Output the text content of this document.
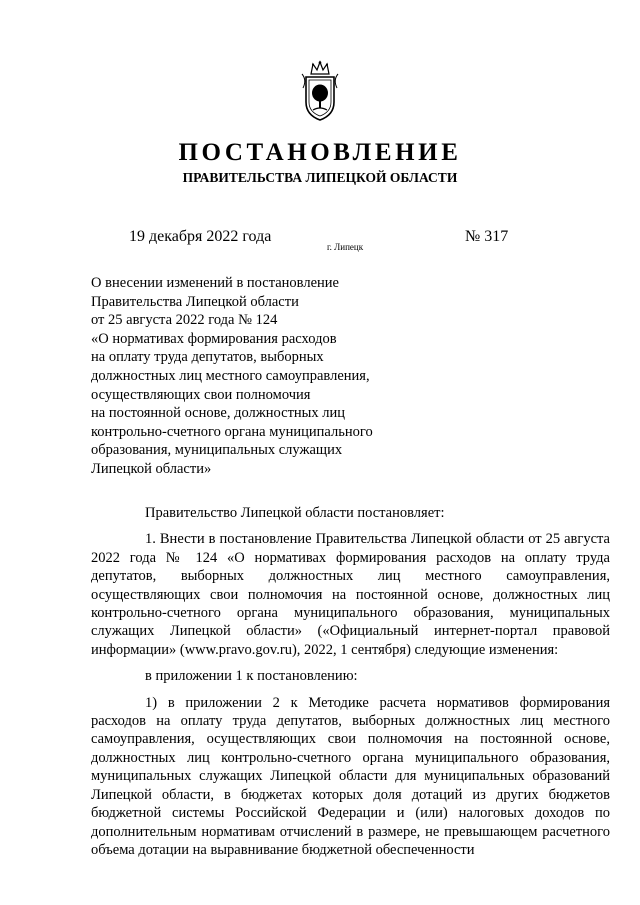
ПОСТАНОВЛЕНИЕ
ПРАВИТЕЛЬСТВА ЛИПЕЦКОЙ ОБЛАСТИ
19 декабря 2022 года
г. Липецк
№ 317
О внесении изменений в постановление
Правительства Липецкой области
от 25 августа 2022 года № 124
«О нормативах формирования расходов
на оплату труда депутатов, выборных
должностных лиц местного самоуправления,
осуществляющих свои полномочия
на постоянной основе, должностных лиц
контрольно-счетного органа муниципального
образования, муниципальных служащих
Липецкой области»

Правительство Липецкой области постановляет:

1. Внести в постановление Правительства Липецкой области от 25 августа 2022 года № 124 «О нормативах формирования расходов на оплату труда депутатов, выборных должностных лиц местного самоуправления, осуществляющих свои полномочия на постоянной основе, должностных лиц контрольно-счетного органа муниципального образования, муниципальных служащих Липецкой области» («Официальный интернет-портал правовой информации» (www.pravo.gov.ru), 2022, 1 сентября) следующие изменения:

в приложении 1 к постановлению:

1) в приложении 2 к Методике расчета нормативов формирования расходов на оплату труда депутатов, выборных должностных лиц местного самоуправления, осуществляющих свои полномочия на постоянной основе, должностных лиц контрольно-счетного органа муниципального образования, муниципальных служащих Липецкой области для муниципальных образований Липецкой области, в бюджетах которых доля дотаций из других бюджетов бюджетной системы Российской Федерации и (или) налоговых доходов по дополнительным нормативам отчислений в размере, не превышающем расчетного объема дотации на выравнивание бюджетной обеспеченности
